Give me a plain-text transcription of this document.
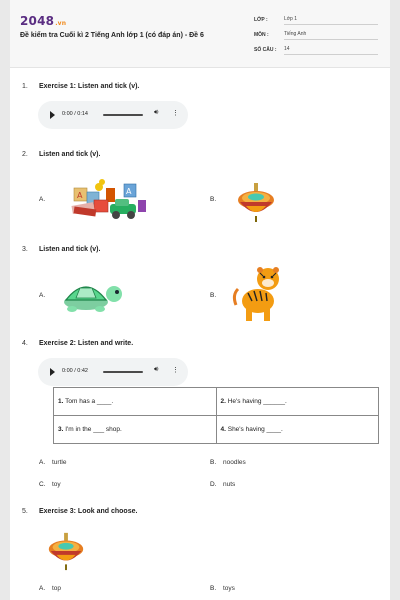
2048.vn
Đề kiểm tra Cuối kì 2 Tiếng Anh lớp 1 (có đáp án) - Đề 6
LỚP :	Lớp 1
MÔN :	Tiếng Anh
SỐ CÂU : 14
1. Exercise 1: Listen and tick (v).
0:00 / 0:14	🔊︎ ⋮
2. Listen and tick (v).
A.	A	A
B.
3. Listen and tick (v).
A.	B.
4. Exercise 2: Listen and write.
0:00 / 0:42	🔊︎ ⋮
1. Tom has a ____.	2. He's having ______.
3. I'm in the ___ shop.	4. She's having ____.
A. turtle	B. noodles
C. toy	D. nuts
5. Exercise 3: Look and choose.
A. top	B. toys
